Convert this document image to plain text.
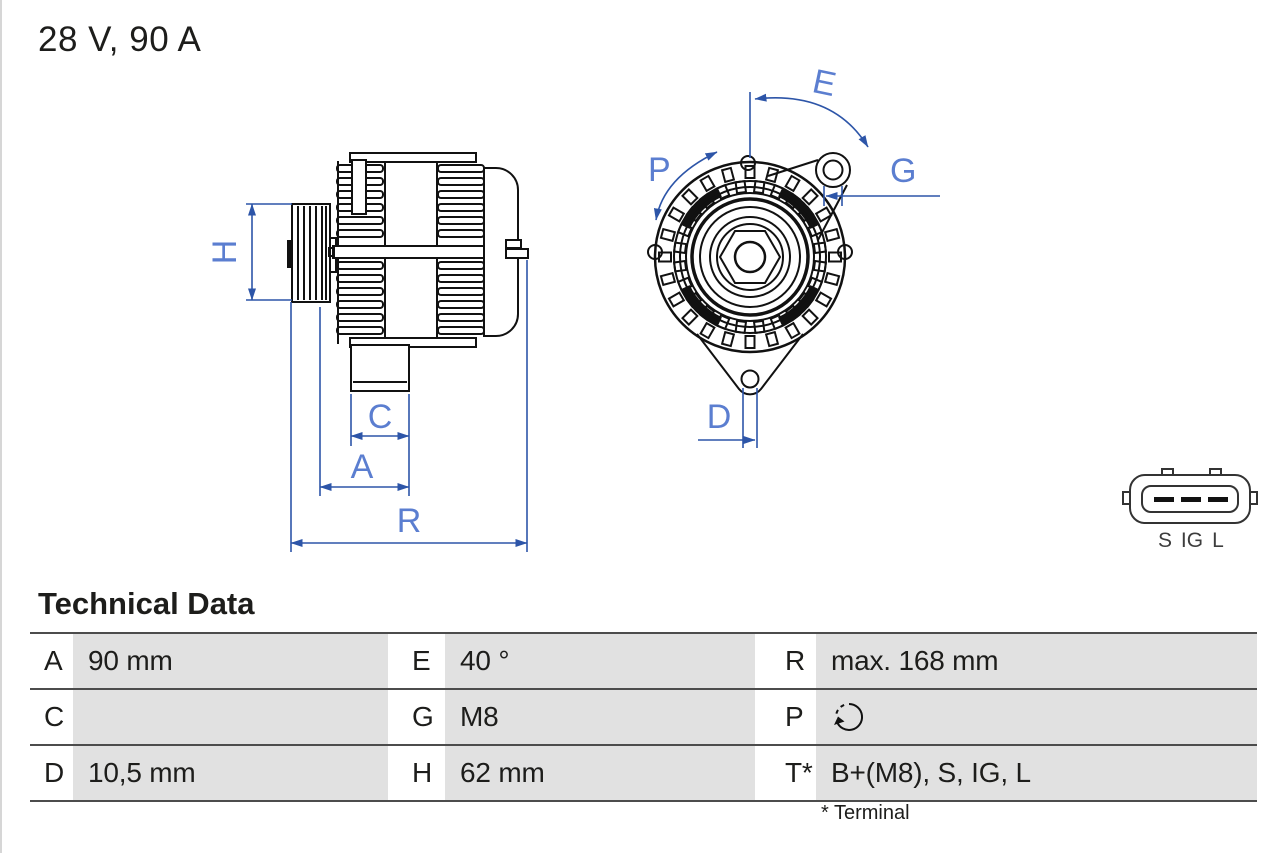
28 V, 90 A
H
C
A
R
E
P	G
D
S IG L
Technical Data
A 90 mm	E	40 °	R max. 168 mm
C	G M8	P
D 10,5 mm	H 62 mm	T* B+(M8), S, IG, L
* Terminal
